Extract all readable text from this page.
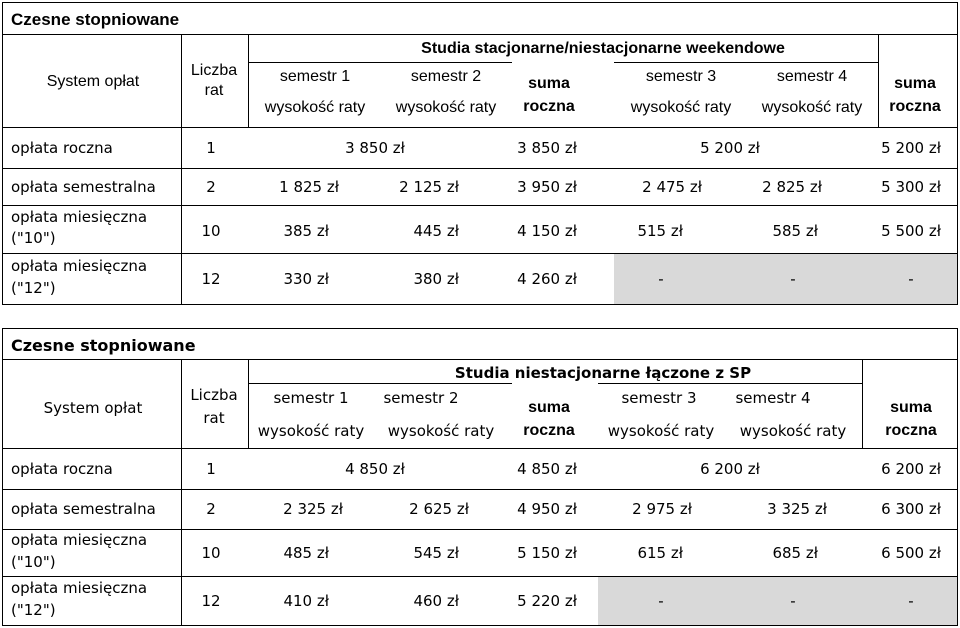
Czesne stopniowane
System opłat
Liczba
rat
Studia stacjonarne/niestacjonarne weekendowe
semestr 1	semestr 2
wysokość raty wysokość raty
suma
roczna
semestr 3	semestr 4
wysokość raty wysokość raty
suma
roczna
opłata roczna	1	3 850 zł	3 850 zł	5 200 zł	5 200 zł
opłata semestralna	2	1 825 zł	2 125 zł	3 950 zł	2 475 zł	2 825 zł	5 300 zł
opłata miesięczna
("10")	10	385 zł	445 zł	4 150 zł	515 zł	585 zł	5 500 zł
opłata miesięczna
("12")	12	330 zł	380 zł	4 260 zł	-	-	-
Czesne stopniowane
System opłat
Liczba
rat
Studia niestacjonarne łączone z SP
semestr 1 semestr 2
wysokość raty wysokość raty
suma
roczna
semestr 3	semestr 4
wysokość raty wysokość raty
suma
roczna
opłata roczna	1	4 850 zł	4 850 zł	6 200 zł	6 200 zł
opłata semestralna	2	2 325 zł	2 625 zł	4 950 zł	2 975 zł	3 325 zł	6 300 zł
opłata miesięczna
("10")	10	485 zł	545 zł	5 150 zł	615 zł	685 zł	6 500 zł
opłata miesięczna
("12")	12	410 zł	460 zł	5 220 zł	-	-	-
